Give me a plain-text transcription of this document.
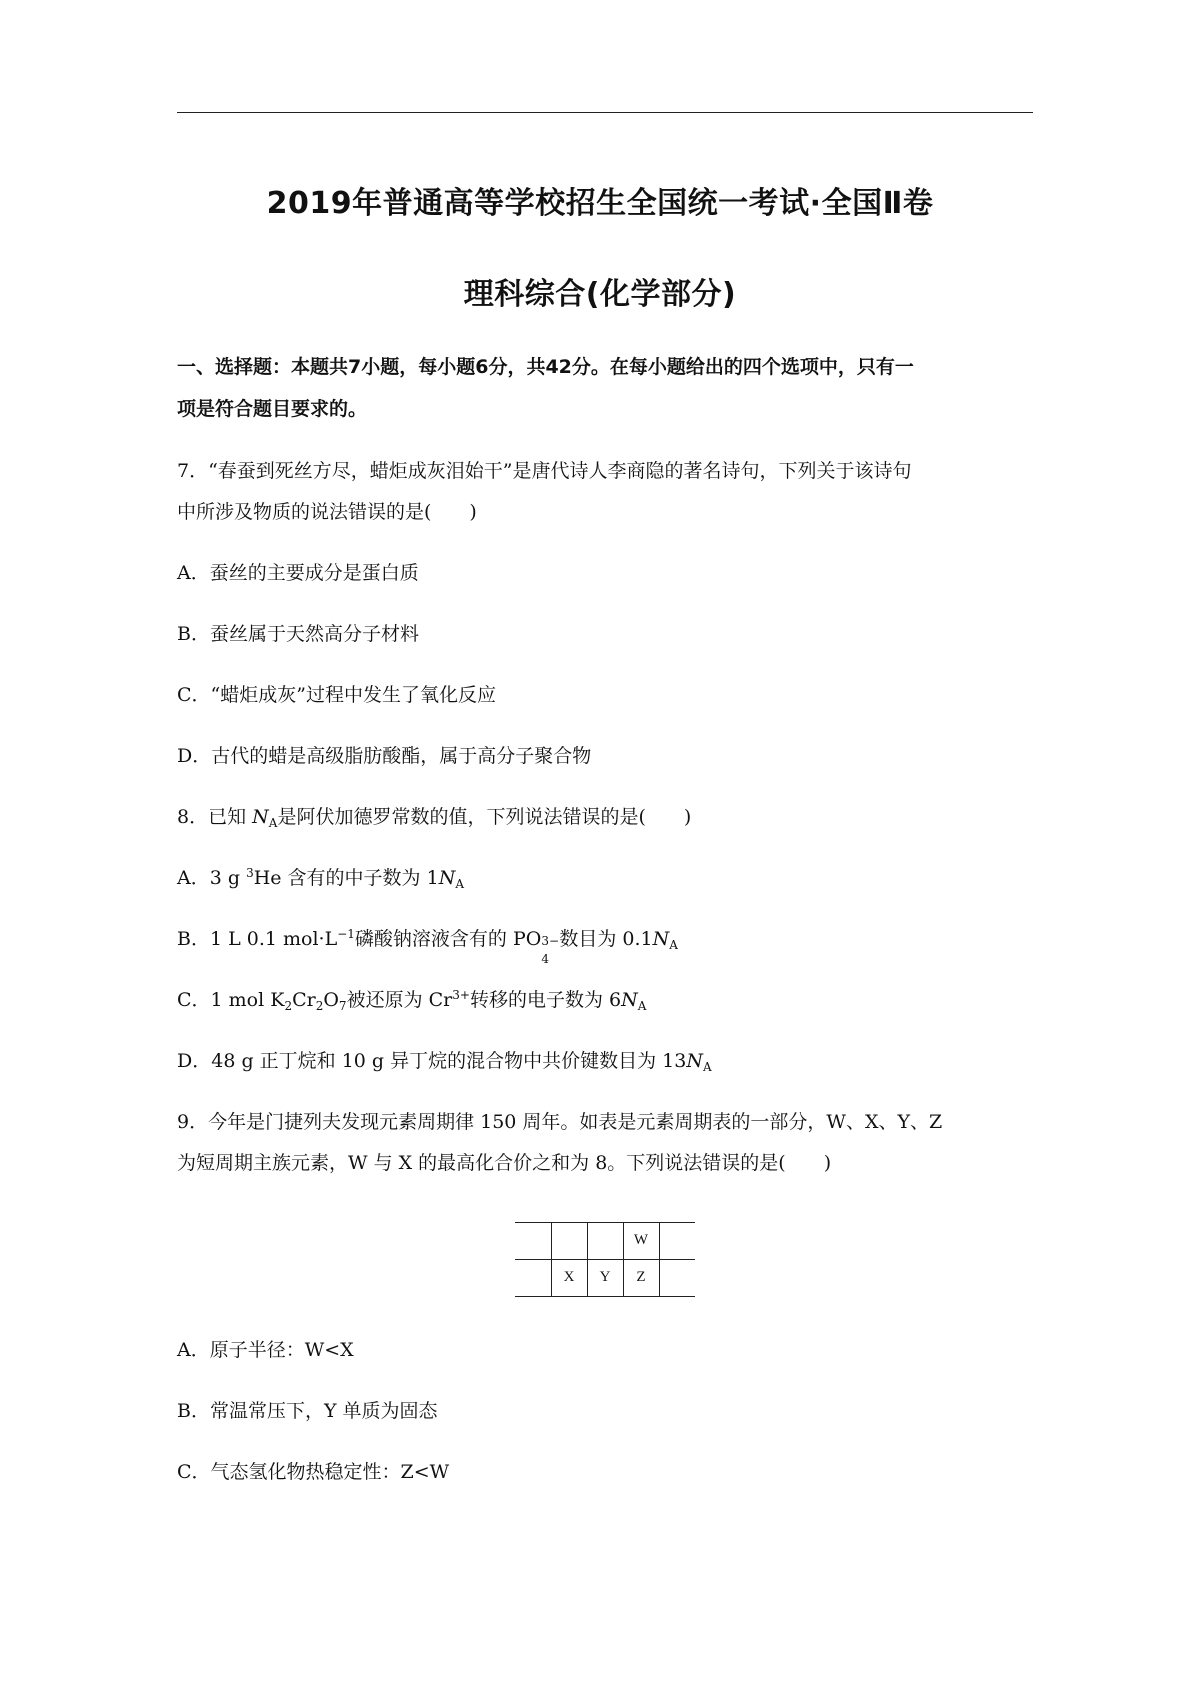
2019年普通高等学校招生全国统一考试·全国Ⅱ卷
理科综合(化学部分)
一、选择题：本题共7小题，每小题6分，共42分。在每小题给出的四个选项中，只有一
项是符合题目要求的。
7．“春蚕到死丝方尽，蜡炬成灰泪始干”是唐代诗人李商隐的著名诗句，下列关于该诗句
中所涉及物质的说法错误的是(　　)
A．蚕丝的主要成分是蛋白质
B．蚕丝属于天然高分子材料
C．“蜡炬成灰”过程中发生了氧化反应
D．古代的蜡是高级脂肪酸酯，属于高分子聚合物
8．已知 $N_A$是阿伏加德罗常数的值，下列说法错误的是(　　)
A．3 g $^3$He 含有的中子数为 $1N_A$
B．1 L 0.1 $mol\cdot L^{-1}$磷酸钠溶液含有的 PO 3−
4
数目为 $0.1N_A$
C．1 mol $K_2Cr_2O_7$被还原为 $Cr^{3+}$转移的电子数为 $6N_A$
D．48 g 正丁烷和 10 g 异丁烷的混合物中共价键数目为 $13N_A$
9．今年是门捷列夫发现元素周期律 150 周年。如表是元素周期表的一部分，W、X、Y、Z
为短周期主族元素，W 与 X 的最高化合价之和为 8。下列说法错误的是(　　)
W
X	Y	Z
A．原子半径：W<X
B．常温常压下，Y 单质为固态
C．气态氢化物热稳定性：Z<W
